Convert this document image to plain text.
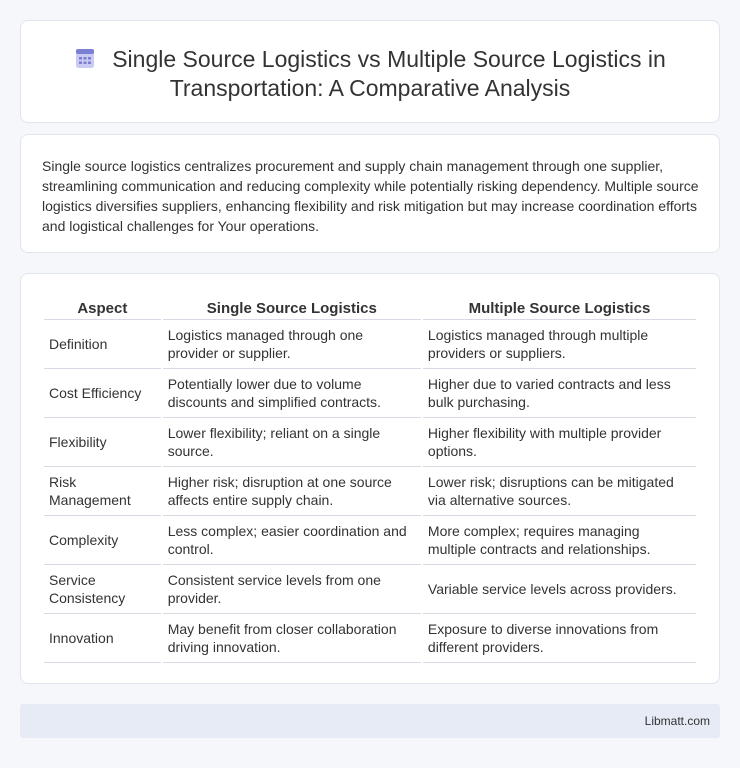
Single Source Logistics vs Multiple Source Logistics in Transportation: A Comparative Analysis

Single source logistics centralizes procurement and supply chain management through one supplier, streamlining communication and reducing complexity while potentially risking dependency. Multiple source logistics diversifies suppliers, enhancing flexibility and risk mitigation but may increase coordination efforts and logistical challenges for Your operations.

Aspect	Single Source Logistics	Multiple Source Logistics
Definition	Logistics managed through one provider or supplier.	Logistics managed through multiple providers or suppliers.
Cost Efficiency	Potentially lower due to volume discounts and simplified contracts.	Higher due to varied contracts and less bulk purchasing.
Flexibility	Lower flexibility; reliant on a single source.	Higher flexibility with multiple provider options.
Risk Management	Higher risk; disruption at one source affects entire supply chain.	Lower risk; disruptions can be mitigated via alternative sources.
Complexity	Less complex; easier coordination and control.	More complex; requires managing multiple contracts and relationships.
Service Consistency	Consistent service levels from one provider.	Variable service levels across providers.
Innovation	May benefit from closer collaboration driving innovation.	Exposure to diverse innovations from different providers.
Libmatt.com
